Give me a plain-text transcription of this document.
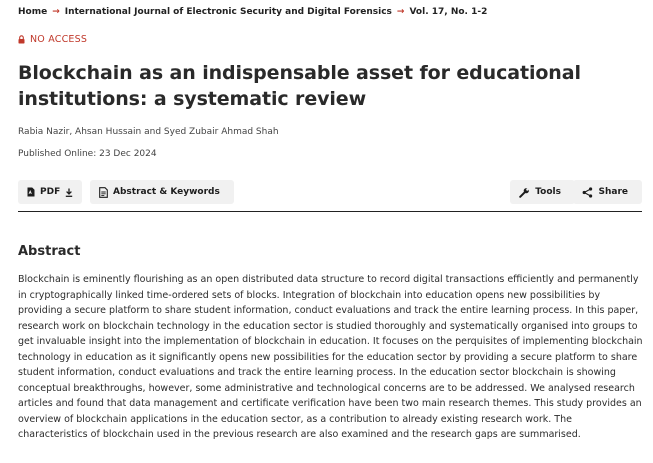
Home → International Journal of Electronic Security and Digital Forensics → Vol. 17, No. 1-2
NO ACCESS
Blockchain as an indispensable asset for educational institutions: a systematic review
Rabia Nazir, Ahsan Hussain and Syed Zubair Ahmad Shah
Published Online: 23 Dec 2024
PDF	Abstract & Keywords	Tools	Share
Abstract

Blockchain is eminently flourishing as an open distributed data structure to record digital transactions efficiently and permanently in cryptographically linked time-ordered sets of blocks. Integration of blockchain into education opens new possibilities by providing a secure platform to share student information, conduct evaluations and track the entire learning process. In this paper, research work on blockchain technology in the education sector is studied thoroughly and systematically organised into groups to get invaluable insight into the implementation of blockchain in education. It focuses on the perquisites of implementing blockchain technology in education as it significantly opens new possibilities for the education sector by providing a secure platform to share student information, conduct evaluations and track the entire learning process. In the education sector blockchain is showing conceptual breakthroughs, however, some administrative and technological concerns are to be addressed. We analysed research articles and found that data management and certificate verification have been two main research themes. This study provides an overview of blockchain applications in the education sector, as a contribution to already existing research work. The characteristics of blockchain used in the previous research are also examined and the research gaps are summarised.
